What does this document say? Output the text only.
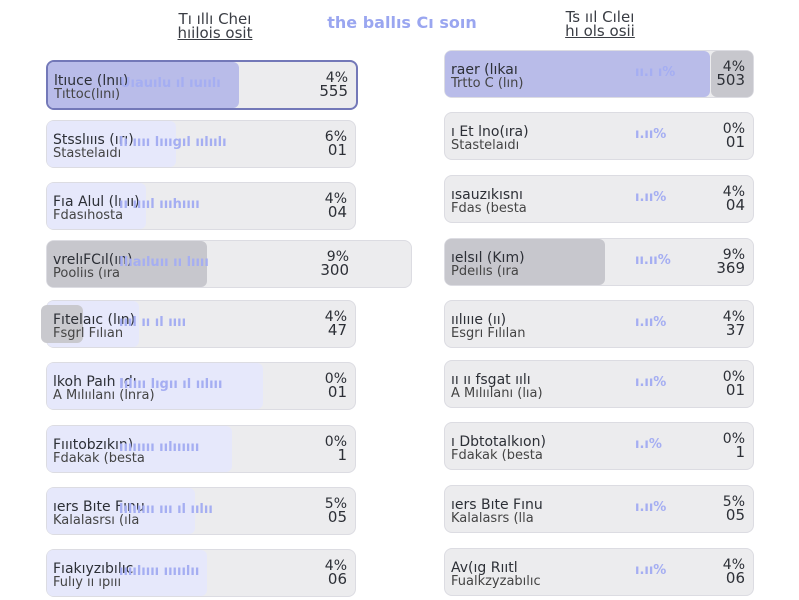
Tı ıllı Cheı
hıilois osit
the ballıs Cı soın	Ts ııl Cıleı
hı ols osii
ltıuce (lnıı)
Tıttoc(lını)
Uıauılu ıl ıuıılı	4%
555
Stsslıııs (ırı)
Stastelaıdı
lı ıııı lıııgıl ıılıılı	6%
01
Fıa Alul (lı ıı)
Fdasıhosta
ıı ııııl ıııhıııı	4%
04
vrelıFCıl(ın)
Pooliıs (ıra
Ilıaıluıı ıı lıııı	9%
300
Fıtelaıc (lın)
Fsgrl Fılıan
ıııl ıı ıl ıııı	4%
47
lkoh Paıh ıdı
A Mılıılanı (lnra)
Iılııı lıgıı ıl ıılııı	0%
01
Fıııtobzıkın)
Fdakak (besta
ıııııııı ıılıııııı	0%
1
ıers Bıte Fınu
Kalalasrsı (ıla
lılııııı ııı ıl ıılıı	5%
05
Fıakıyzıbılıc
Fulıy ıı ıpııı
ıııılıııı ııııılıı	4%
06
raer (lıkaı
Trtto C (lın)
ıı.ı ı%	4%
503
ı Et lno(ıra)
Stastelaıdı
ı.ıı%	0%
01
ısauzıkısnı
Fdas (besta
ı.ıı%	4%
04
ıelsıl (Kım)
Pdeılıs (ıra
ıı.ıı%	9%
369
ıılıııe (ıı)
Esgrı Fılılan
ı.ıı%	4%
37
ıı ıı fsgat ıılı
A Mılıılanı (lıa)
ı.ıı%	0%
01
ı Dbtotalkıon)
Fdakak (besta
ı.ı%	0%
1
ıers Bıte Fınu
Kalalasrs (lla
ı.ıı%	5%
05
Av(ıg Rııtl
Fualkzyzabılıc
ı.ıı%	4%
06
